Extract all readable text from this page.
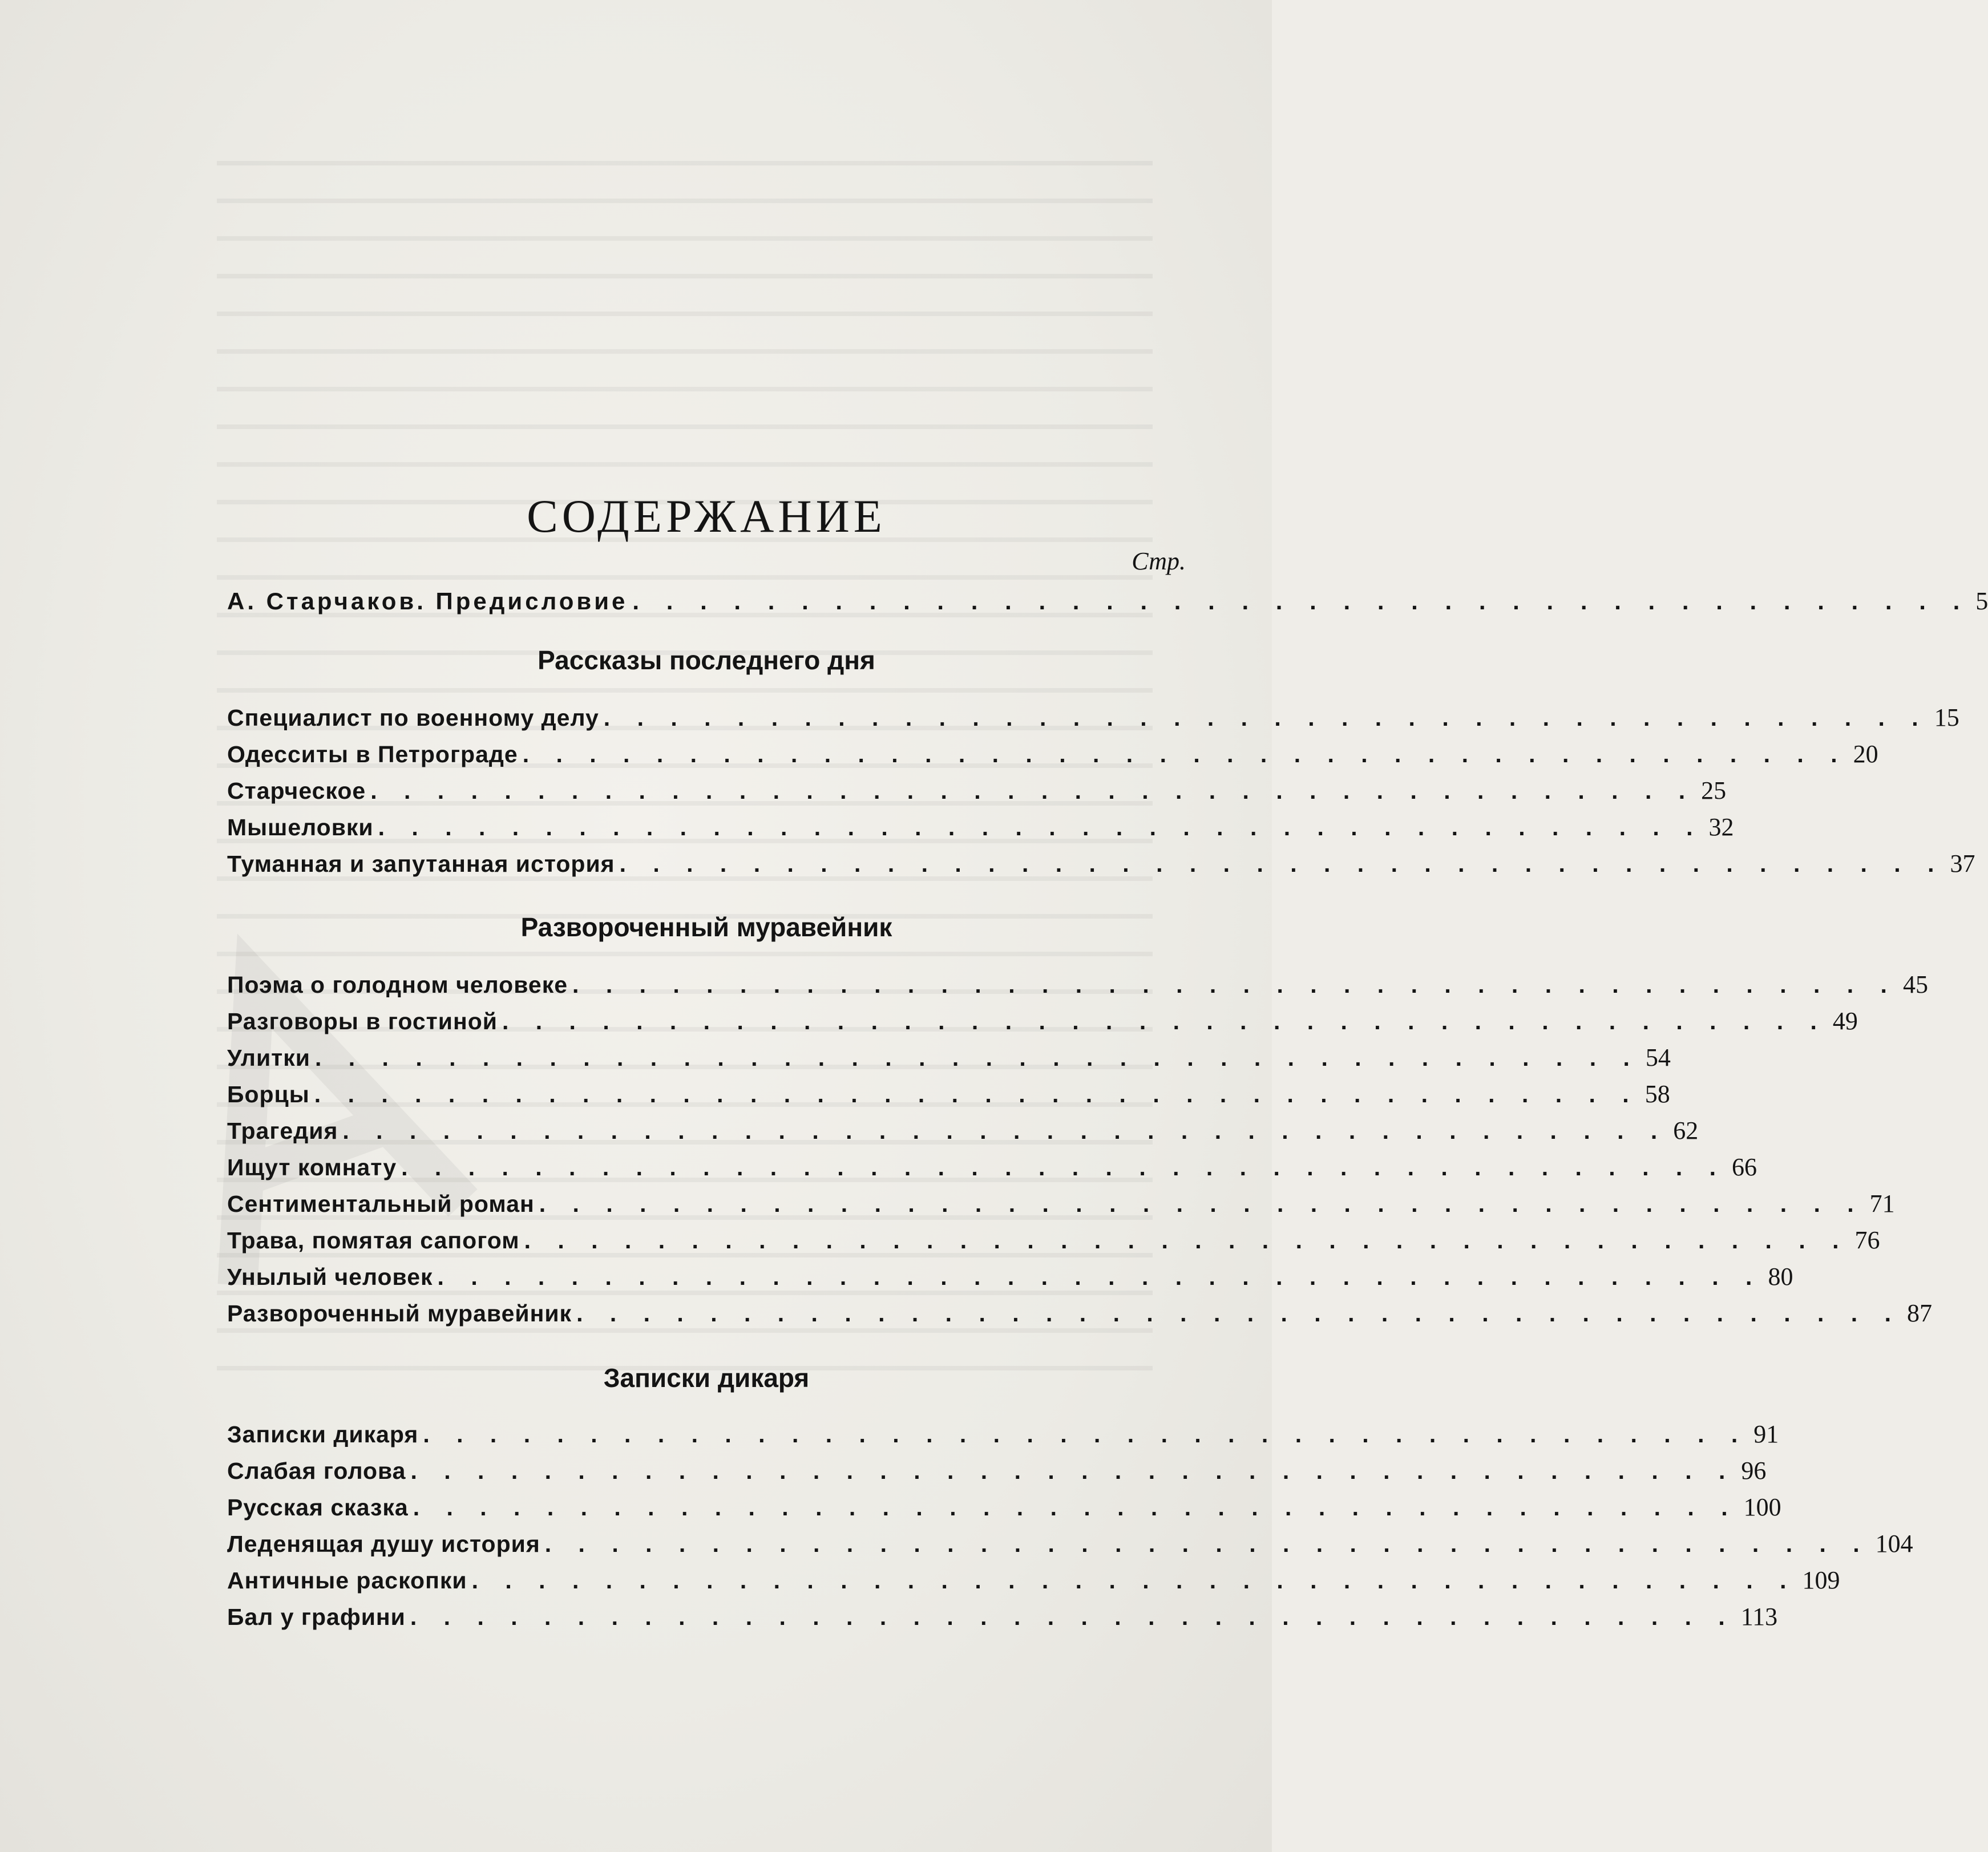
СОДЕРЖАНИЕ
Стр.
А. Старчаков. Предисловие . . . . . . . . . . . . . . . . . . . . . . . . . . . . . . . . . . . . . . . . 5
Рассказы последнего дня
Специалист по военному делу . . . . . . . . . . . . . . . . . . . . . . . . . . . . . . . . . . . . . . . . 15
Одесситы в Петрограде . . . . . . . . . . . . . . . . . . . . . . . . . . . . . . . . . . . . . . . . 20
Старческое . . . . . . . . . . . . . . . . . . . . . . . . . . . . . . . . . . . . . . . . 25
Мышеловки . . . . . . . . . . . . . . . . . . . . . . . . . . . . . . . . . . . . . . . . 32
Туманная и запутанная история . . . . . . . . . . . . . . . . . . . . . . . . . . . . . . . . . . . . . . . . 37
Развороченный муравейник
Поэма о голодном человеке . . . . . . . . . . . . . . . . . . . . . . . . . . . . . . . . . . . . . . . . 45
Разговоры в гостиной . . . . . . . . . . . . . . . . . . . . . . . . . . . . . . . . . . . . . . . . 49
Улитки . . . . . . . . . . . . . . . . . . . . . . . . . . . . . . . . . . . . . . . . 54
Борцы . . . . . . . . . . . . . . . . . . . . . . . . . . . . . . . . . . . . . . . . 58
Трагедия . . . . . . . . . . . . . . . . . . . . . . . . . . . . . . . . . . . . . . . . 62
Ищут комнату . . . . . . . . . . . . . . . . . . . . . . . . . . . . . . . . . . . . . . . . 66
Сентиментальный роман . . . . . . . . . . . . . . . . . . . . . . . . . . . . . . . . . . . . . . . . 71
Трава, помятая сапогом . . . . . . . . . . . . . . . . . . . . . . . . . . . . . . . . . . . . . . . . 76
Унылый человек . . . . . . . . . . . . . . . . . . . . . . . . . . . . . . . . . . . . . . . . 80
Развороченный муравейник . . . . . . . . . . . . . . . . . . . . . . . . . . . . . . . . . . . . . . . . 87
Записки дикаря
Записки дикаря . . . . . . . . . . . . . . . . . . . . . . . . . . . . . . . . . . . . . . . . 91
Слабая голова . . . . . . . . . . . . . . . . . . . . . . . . . . . . . . . . . . . . . . . . 96
Русская сказка . . . . . . . . . . . . . . . . . . . . . . . . . . . . . . . . . . . . . . . . 100
Леденящая душу история . . . . . . . . . . . . . . . . . . . . . . . . . . . . . . . . . . . . . . . . 104
Античные раскопки . . . . . . . . . . . . . . . . . . . . . . . . . . . . . . . . . . . . . . . . 109
Бал у графини . . . . . . . . . . . . . . . . . . . . . . . . . . . . . . . . . . . . . . . . 113
